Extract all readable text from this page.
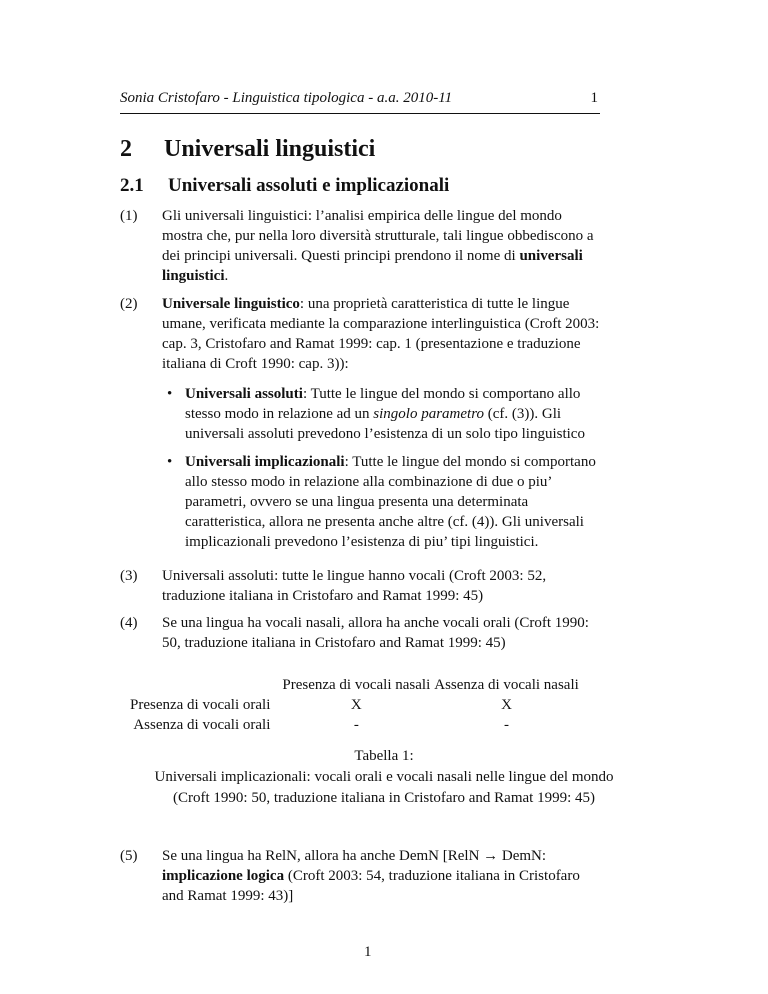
Sonia Cristofaro - Linguistica tipologica - a.a. 2010-11	1
2 Universali linguistici
2.1 Universali assoluti e implicazionali
(1) Gli universali linguistici: l’analisi empirica delle lingue del mondo mostra che, pur nella loro diversità strutturale, tali lingue obbediscono a dei principi universali. Questi principi prendono il nome di universali linguistici.
(2) Universale linguistico: una proprietà caratteristica di tutte le lingue umane, verificata mediante la comparazione interlinguistica (Croft 2003: cap. 3, Cristofaro and Ramat 1999: cap. 1 (presentazione e traduzione italiana di Croft 1990: cap. 3)):
• Universali assoluti: Tutte le lingue del mondo si comportano allo stesso modo in relazione ad un singolo parametro (cf. (3)). Gli universali assoluti prevedono l’esistenza di un solo tipo linguistico
• Universali implicazionali: Tutte le lingue del mondo si comportano allo stesso modo in relazione alla combinazione di due o piu’ parametri, ovvero se una lingua presenta una determinata caratteristica, allora ne presenta anche altre (cf. (4)). Gli universali implicazionali prevedono l’esistenza di piu’ tipi linguistici.
(3) Universali assoluti: tutte le lingue hanno vocali (Croft 2003: 52, traduzione italiana in Cristofaro and Ramat 1999: 45)
(4) Se una lingua ha vocali nasali, allora ha anche vocali orali (Croft 1990: 50, traduzione italiana in Cristofaro and Ramat 1999: 45)
	Presenza di vocali nasali	Assenza di vocali nasali
Presenza di vocali orali	X	X
Assenza di vocali orali	-	-
Tabella 1:
Universali implicazionali: vocali orali e vocali nasali nelle lingue del mondo
(Croft 1990: 50, traduzione italiana in Cristofaro and Ramat 1999: 45)
(5) Se una lingua ha RelN, allora ha anche DemN [RelN → DemN: implicazione logica (Croft 2003: 54, traduzione italiana in Cristofaro and Ramat 1999: 43)]
1
